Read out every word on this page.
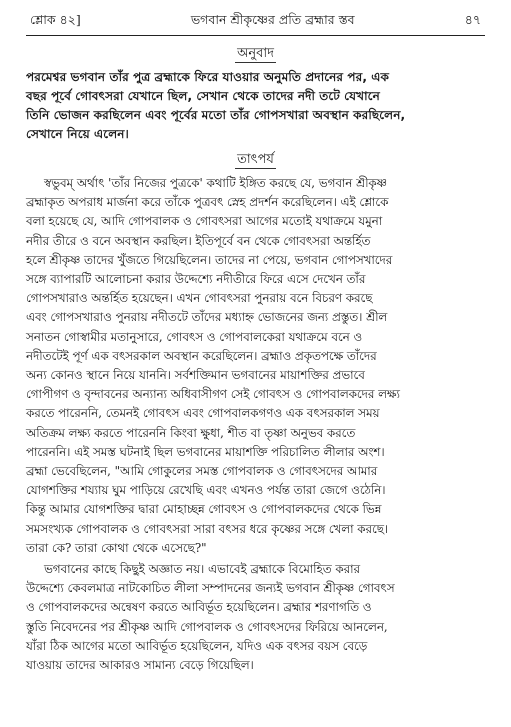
শ্লোক ৪২]	ভগবান শ্রীকৃষ্ণের প্রতি ব্রহ্মার স্তব	৪৭
অনুবাদ
পরমেশ্বর ভগবান তাঁর পুত্র ব্রহ্মাকে ফিরে যাওয়ার অনুমতি প্রদানের পর, এক
বছর পূর্বে গোবৎসরা যেখানে ছিল, সেখান থেকে তাদের নদী তটে যেখানে
তিনি ভোজন করছিলেন এবং পূর্বের মতো তাঁর গোপসখারা অবস্থান করছিলেন,
সেখানে নিয়ে এলেন।
তাৎপর্য
স্বভুবম্ অর্থাৎ 'তাঁর নিজের পুত্রকে' কথাটি ইঙ্গিত করছে যে, ভগবান শ্রীকৃষ্ণ
ব্রহ্মাকৃত অপরাধ মার্জনা করে তাঁকে পুত্রবৎ স্নেহ প্রদর্শন করেছিলেন। এই শ্লোকে
বলা হয়েছে যে, আদি গোপবালক ও গোবৎসরা আগের মতোই যথাক্রমে যমুনা
নদীর তীরে ও বনে অবস্থান করছিল। ইতিপূর্বে বন থেকে গোবৎসরা অন্তর্হিত
হলে শ্রীকৃষ্ণ তাদের খুঁজতে গিয়েছিলেন। তাদের না পেয়ে, ভগবান গোপসখাদের
সঙ্গে ব্যাপারটি আলোচনা করার উদ্দেশ্যে নদীতীরে ফিরে এসে দেখেন তাঁর
গোপসখারাও অন্তর্হিত হয়েছেন। এখন গোবৎসরা পুনরায় বনে বিচরণ করছে
এবং গোপসখারাও পুনরায় নদীতটে তাঁদের মধ্যাহ্ন ভোজনের জন্য প্রস্তুত। শ্রীল
সনাতন গোস্বামীর মতানুসারে, গোবৎস ও গোপবালকেরা যথাক্রমে বনে ও
নদীতটেই পূর্ণ এক বৎসরকাল অবস্থান করেছিলেন। ব্রহ্মাও প্রকৃতপক্ষে তাঁদের
অন্য কোনও স্থানে নিয়ে যাননি। সর্বশক্তিমান ভগবানের মায়াশক্তির প্রভাবে
গোপীগণ ও বৃন্দাবনের অন্যান্য অধিবাসীগণ সেই গোবৎস ও গোপবালকদের লক্ষ্য
করতে পারেননি, তেমনই গোবৎস এবং গোপবালকগণও এক বৎসরকাল সময়
অতিক্রম লক্ষ্য করতে পারেননি কিংবা ক্ষুধা, শীত বা তৃষ্ণা অনুভব করতে
পারেননি। এই সমস্ত ঘটনাই ছিল ভগবানের মায়াশক্তি পরিচালিত লীলার অংশ।
ব্রহ্মা ভেবেছিলেন, "আমি গোকুলের সমস্ত গোপবালক ও গোবৎসদের আমার
যোগশক্তির শয্যায় ঘুম পাড়িয়ে রেখেছি এবং এখনও পর্যন্ত তারা জেগে ওঠেনি।
কিন্তু আমার যোগশক্তির দ্বারা মোহাচ্ছন্ন গোবৎস ও গোপবালকদের থেকে ভিন্ন
সমসংখ্যক গোপবালক ও গোবৎসরা সারা বৎসর ধরে কৃষ্ণের সঙ্গে খেলা করছে।
তারা কে? তারা কোথা থেকে এসেছে?"
ভগবানের কাছে কিছুই অজ্ঞাত নয়। এভাবেই ব্রহ্মাকে বিমোহিত করার
উদ্দেশ্যে কেবলমাত্র নাটকোচিত লীলা সম্পাদনের জন্যই ভগবান শ্রীকৃষ্ণ গোবৎস
ও গোপবালকদের অন্বেষণ করতে আবির্ভূত হয়েছিলেন। ব্রহ্মার শরণাগতি ও
স্তুতি নিবেদনের পর শ্রীকৃষ্ণ আদি গোপবালক ও গোবৎসদের ফিরিয়ে আনলেন,
যাঁরা ঠিক আগের মতো আবির্ভূত হয়েছিলেন, যদিও এক বৎসর বয়স বেড়ে
যাওয়ায় তাদের আকারও সামান্য বেড়ে গিয়েছিল।
